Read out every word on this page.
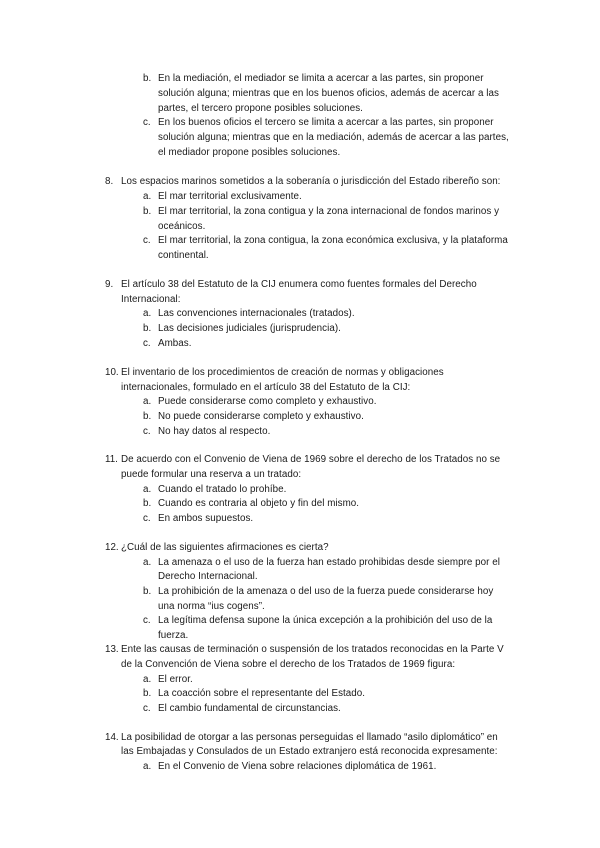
b. En la mediación, el mediador se limita a acercar a las partes, sin proponer
solución alguna; mientras que en los buenos oficios, además de acercar a las
partes, el tercero propone posibles soluciones.
c. En los buenos oficios el tercero se limita a acercar a las partes, sin proponer
solución alguna; mientras que en la mediación, además de acercar a las partes,
el mediador propone posibles soluciones.
8. Los espacios marinos sometidos a la soberanía o jurisdicción del Estado ribereño son:
a. El mar territorial exclusivamente.
b. El mar territorial, la zona contigua y la zona internacional de fondos marinos y
oceánicos.
c. El mar territorial, la zona contigua, la zona económica exclusiva, y la plataforma
continental.
9. El artículo 38 del Estatuto de la CIJ enumera como fuentes formales del Derecho
Internacional:
a. Las convenciones internacionales (tratados).
b. Las decisiones judiciales (jurisprudencia).
c. Ambas.
10. El inventario de los procedimientos de creación de normas y obligaciones
internacionales, formulado en el artículo 38 del Estatuto de la CIJ:
a. Puede considerarse como completo y exhaustivo.
b. No puede considerarse completo y exhaustivo.
c. No hay datos al respecto.
11. De acuerdo con el Convenio de Viena de 1969 sobre el derecho de los Tratados no se
puede formular una reserva a un tratado:
a. Cuando el tratado lo prohíbe.
b. Cuando es contraria al objeto y fin del mismo.
c. En ambos supuestos.
12. ¿Cuál de las siguientes afirmaciones es cierta?
a. La amenaza o el uso de la fuerza han estado prohibidas desde siempre por el
Derecho Internacional.
b. La prohibición de la amenaza o del uso de la fuerza puede considerarse hoy
una norma “ius cogens”.
c. La legítima defensa supone la única excepción a la prohibición del uso de la
fuerza.
13. Ente las causas de terminación o suspensión de los tratados reconocidas en la Parte V
de la Convención de Viena sobre el derecho de los Tratados de 1969 figura:
a. El error.
b. La coacción sobre el representante del Estado.
c. El cambio fundamental de circunstancias.
14. La posibilidad de otorgar a las personas perseguidas el llamado “asilo diplomático” en
las Embajadas y Consulados de un Estado extranjero está reconocida expresamente:
a. En el Convenio de Viena sobre relaciones diplomática de 1961.
